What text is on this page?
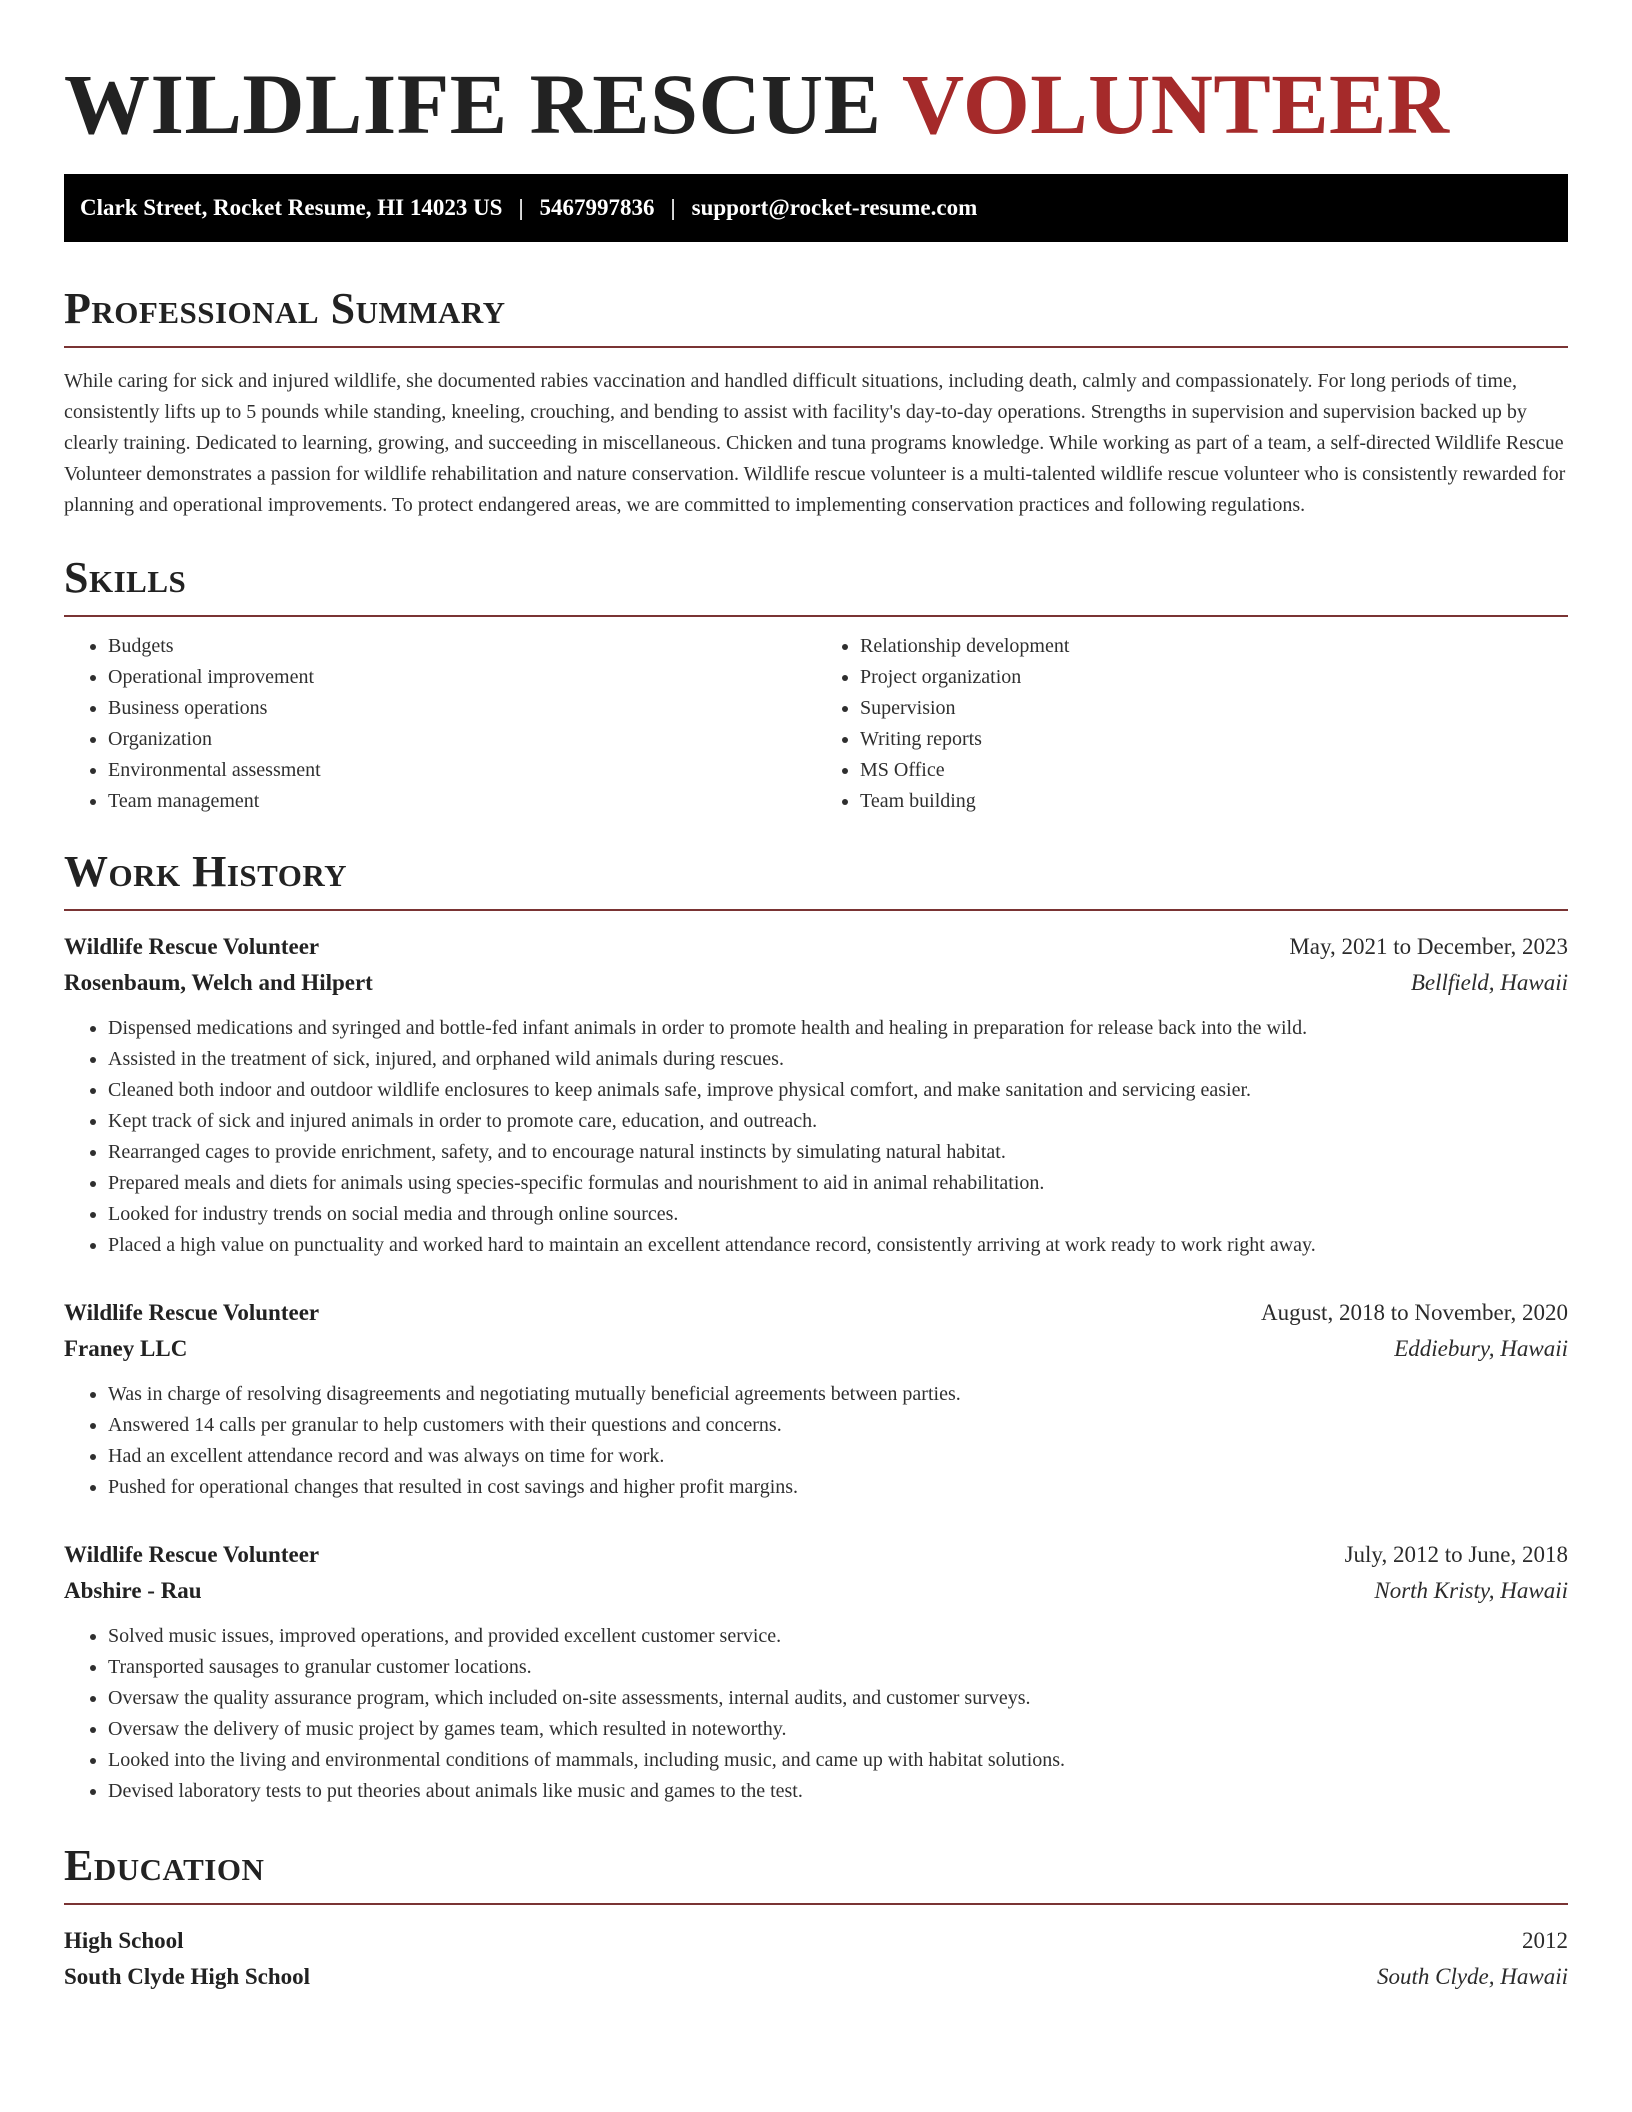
WILDLIFE RESCUE VOLUNTEER
Clark Street, Rocket Resume, HI 14023 US | 5467997836 | support@rocket-resume.com
Professional Summary

While caring for sick and injured wildlife, she documented rabies vaccination and handled difficult situations, including death, calmly and compassionately. For long periods of time, consistently lifts up to 5 pounds while standing, kneeling, crouching, and bending to assist with facility's day-to-day operations. Strengths in supervision and supervision backed up by clearly training. Dedicated to learning, growing, and succeeding in miscellaneous. Chicken and tuna programs knowledge. While working as part of a team, a self-directed Wildlife Rescue Volunteer demonstrates a passion for wildlife rehabilitation and nature conservation. Wildlife rescue volunteer is a multi-talented wildlife rescue volunteer who is consistently rewarded for planning and operational improvements. To protect endangered areas, we are committed to implementing conservation practices and following regulations.

Skills
• Budgets
• Operational improvement
• Business operations
• Organization
• Environmental assessment
• Team management
• Relationship development
• Project organization
• Supervision
• Writing reports
• MS Office
• Team building
Work History
Wildlife Rescue Volunteer	May, 2021 to December, 2023
Rosenbaum, Welch and Hilpert	Bellfield, Hawaii
• Dispensed medications and syringed and bottle-fed infant animals in order to promote health and healing in preparation for release back into the wild.
• Assisted in the treatment of sick, injured, and orphaned wild animals during rescues.
• Cleaned both indoor and outdoor wildlife enclosures to keep animals safe, improve physical comfort, and make sanitation and servicing easier.
• Kept track of sick and injured animals in order to promote care, education, and outreach.
• Rearranged cages to provide enrichment, safety, and to encourage natural instincts by simulating natural habitat.
• Prepared meals and diets for animals using species-specific formulas and nourishment to aid in animal rehabilitation.
• Looked for industry trends on social media and through online sources.
• Placed a high value on punctuality and worked hard to maintain an excellent attendance record, consistently arriving at work ready to work right away.
Wildlife Rescue Volunteer	August, 2018 to November, 2020
Franey LLC	Eddiebury, Hawaii
• Was in charge of resolving disagreements and negotiating mutually beneficial agreements between parties.
• Answered 14 calls per granular to help customers with their questions and concerns.
• Had an excellent attendance record and was always on time for work.
• Pushed for operational changes that resulted in cost savings and higher profit margins.
Wildlife Rescue Volunteer	July, 2012 to June, 2018
Abshire - Rau	North Kristy, Hawaii
• Solved music issues, improved operations, and provided excellent customer service.
• Transported sausages to granular customer locations.
• Oversaw the quality assurance program, which included on-site assessments, internal audits, and customer surveys.
• Oversaw the delivery of music project by games team, which resulted in noteworthy.
• Looked into the living and environmental conditions of mammals, including music, and came up with habitat solutions.
• Devised laboratory tests to put theories about animals like music and games to the test.
Education
High School	2012
South Clyde High School	South Clyde, Hawaii
